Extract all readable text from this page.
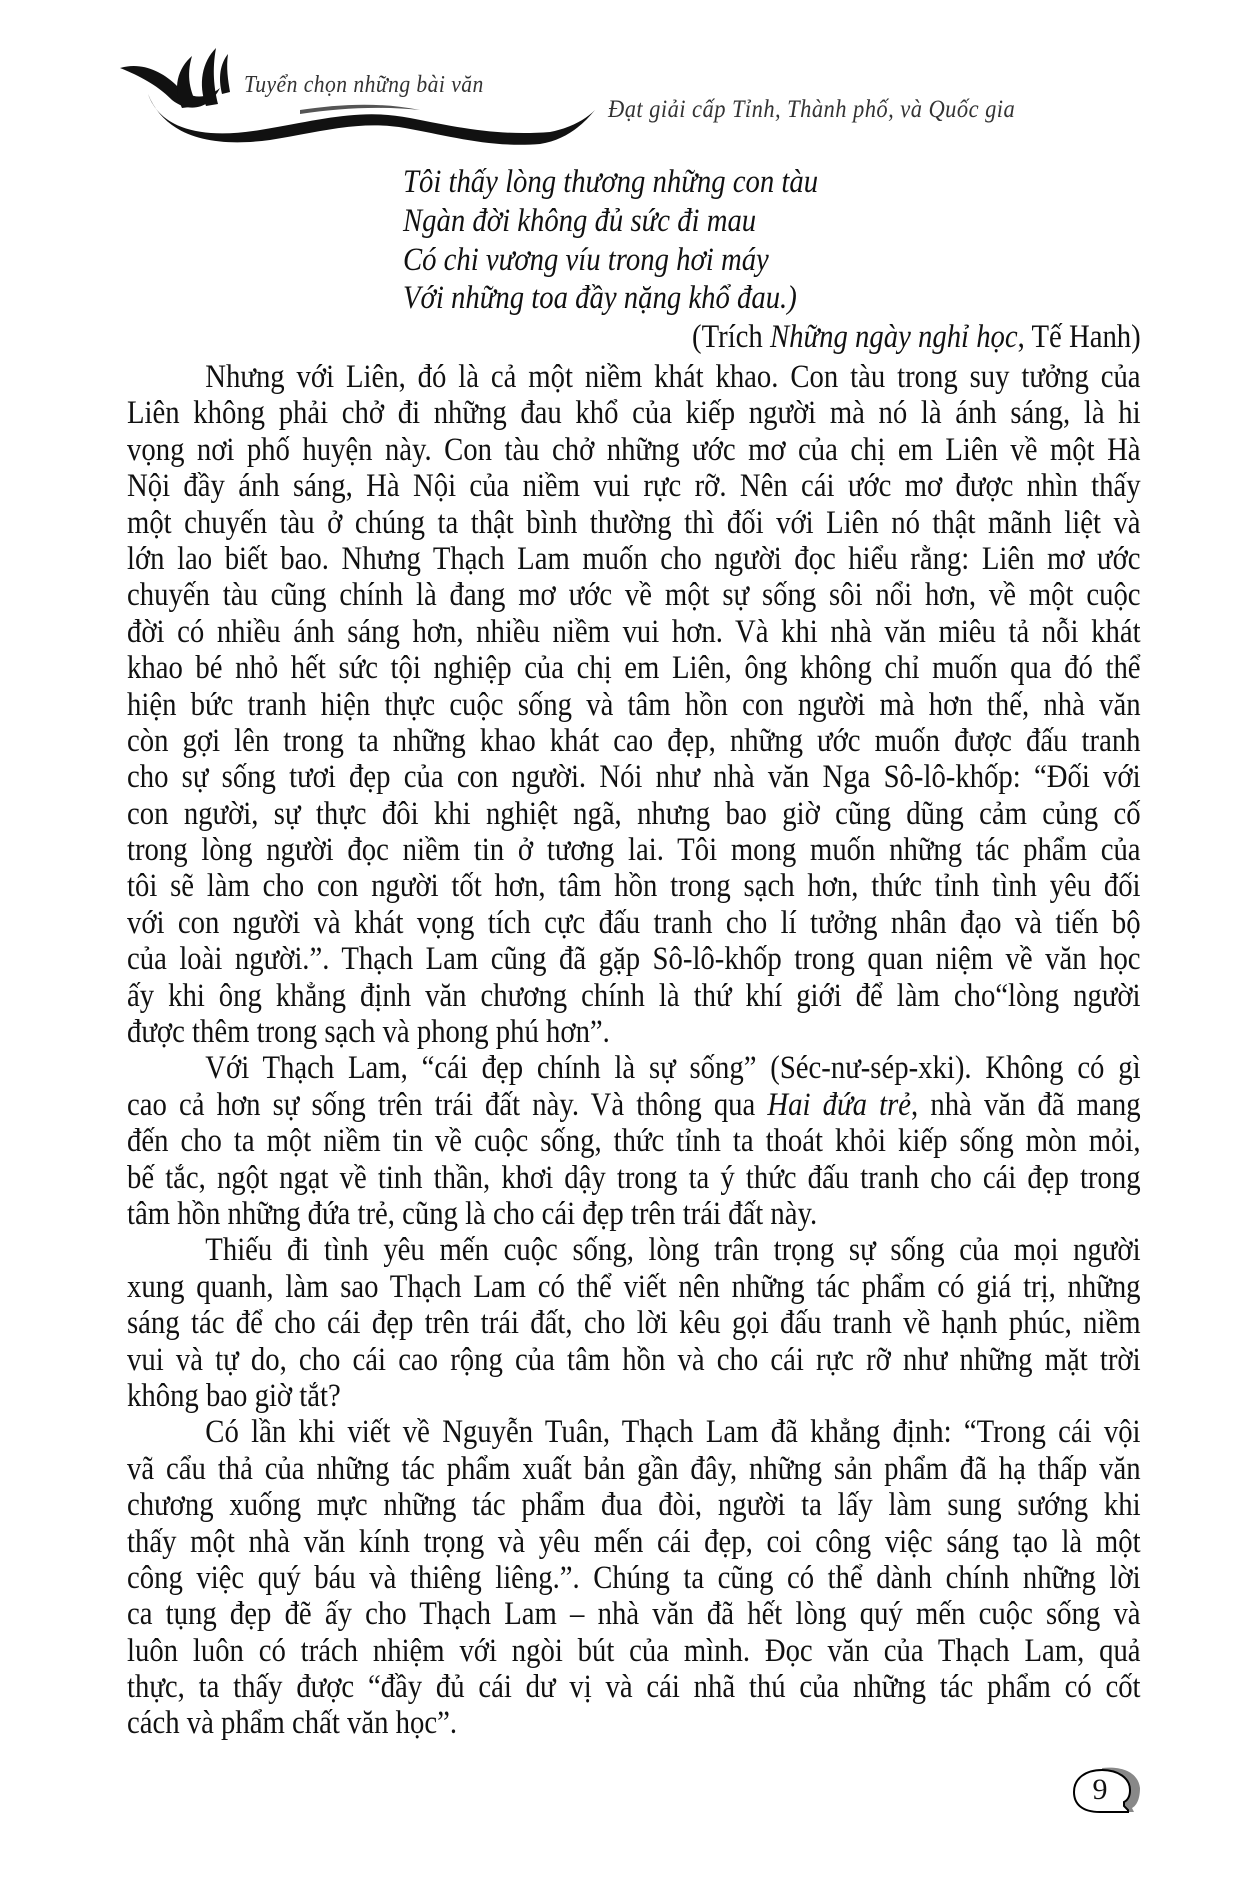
Tuyển chọn những bài văn
Đạt giải cấp Tỉnh, Thành phố, và Quốc gia
Tôi thấy lòng thương những con tàu
Ngàn đời không đủ sức đi mau
Có chi vương víu trong hơi máy
Với những toa đầy nặng khổ đau.)
(Trích Những ngày nghỉ học, Tế Hanh)
Nhưng với Liên, đó là cả một niềm khát khao. Con tàu trong suy tưởng của
Liên không phải chở đi những đau khổ của kiếp người mà nó là ánh sáng, là hi
vọng nơi phố huyện này. Con tàu chở những ước mơ của chị em Liên về một Hà
Nội đầy ánh sáng, Hà Nội của niềm vui rực rỡ. Nên cái ước mơ được nhìn thấy
một chuyến tàu ở chúng ta thật bình thường thì đối với Liên nó thật mãnh liệt và
lớn lao biết bao. Nhưng Thạch Lam muốn cho người đọc hiểu rằng: Liên mơ ước
chuyến tàu cũng chính là đang mơ ước về một sự sống sôi nổi hơn, về một cuộc
đời có nhiều ánh sáng hơn, nhiều niềm vui hơn. Và khi nhà văn miêu tả nỗi khát
khao bé nhỏ hết sức tội nghiệp của chị em Liên, ông không chỉ muốn qua đó thể
hiện bức tranh hiện thực cuộc sống và tâm hồn con người mà hơn thế, nhà văn
còn gợi lên trong ta những khao khát cao đẹp, những ước muốn được đấu tranh
cho sự sống tươi đẹp của con người. Nói như nhà văn Nga Sô-lô-khốp: “Đối với
con người, sự thực đôi khi nghiệt ngã, nhưng bao giờ cũng dũng cảm củng cố
trong lòng người đọc niềm tin ở tương lai. Tôi mong muốn những tác phẩm của
tôi sẽ làm cho con người tốt hơn, tâm hồn trong sạch hơn, thức tỉnh tình yêu đối
với con người và khát vọng tích cực đấu tranh cho lí tưởng nhân đạo và tiến bộ
của loài người.”. Thạch Lam cũng đã gặp Sô-lô-khốp trong quan niệm về văn học
ấy khi ông khẳng định văn chương chính là thứ khí giới để làm cho“lòng người
được thêm trong sạch và phong phú hơn”.
Với Thạch Lam, “cái đẹp chính là sự sống” (Séc-nư-sép-xki). Không có gì
cao cả hơn sự sống trên trái đất này. Và thông qua Hai đứa trẻ, nhà văn đã mang
đến cho ta một niềm tin về cuộc sống, thức tỉnh ta thoát khỏi kiếp sống mòn mỏi,
bế tắc, ngột ngạt về tinh thần, khơi dậy trong ta ý thức đấu tranh cho cái đẹp trong
tâm hồn những đứa trẻ, cũng là cho cái đẹp trên trái đất này.
Thiếu đi tình yêu mến cuộc sống, lòng trân trọng sự sống của mọi người
xung quanh, làm sao Thạch Lam có thể viết nên những tác phẩm có giá trị, những
sáng tác để cho cái đẹp trên trái đất, cho lời kêu gọi đấu tranh về hạnh phúc, niềm
vui và tự do, cho cái cao rộng của tâm hồn và cho cái rực rỡ như những mặt trời
không bao giờ tắt?
Có lần khi viết về Nguyễn Tuân, Thạch Lam đã khẳng định: “Trong cái vội
vã cẩu thả của những tác phẩm xuất bản gần đây, những sản phẩm đã hạ thấp văn
chương xuống mực những tác phẩm đua đòi, người ta lấy làm sung sướng khi
thấy một nhà văn kính trọng và yêu mến cái đẹp, coi công việc sáng tạo là một
công việc quý báu và thiêng liêng.”. Chúng ta cũng có thể dành chính những lời
ca tụng đẹp đẽ ấy cho Thạch Lam – nhà văn đã hết lòng quý mến cuộc sống và
luôn luôn có trách nhiệm với ngòi bút của mình. Đọc văn của Thạch Lam, quả
thực, ta thấy được “đầy đủ cái dư vị và cái nhã thú của những tác phẩm có cốt
cách và phẩm chất văn học”.
9
